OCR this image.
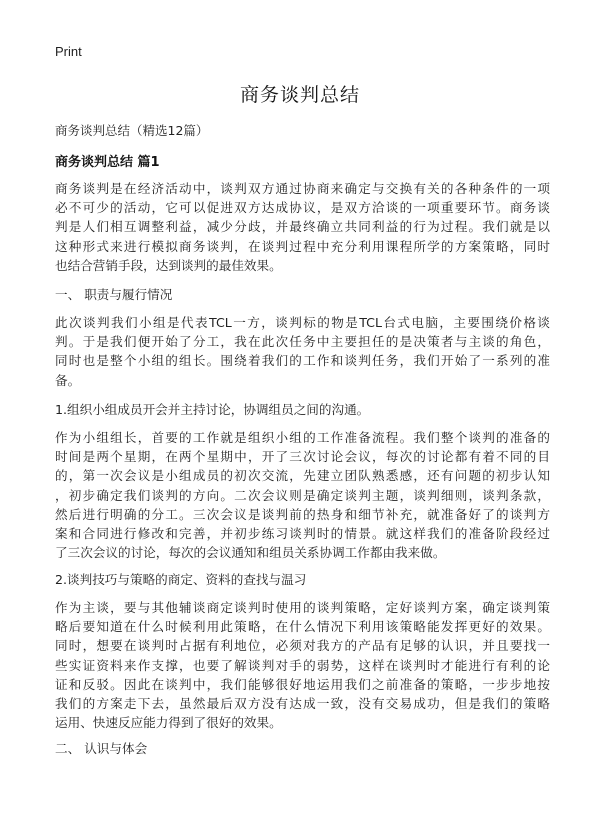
Print
商务谈判总结
商务谈判总结（精选12篇）
商务谈判总结 篇1
商务谈判是在经济活动中，谈判双方通过协商来确定与交换有关的各种条件的一项
必不可少的活动，它可以促进双方达成协议，是双方洽谈的一项重要环节。商务谈
判是人们相互调整利益，减少分歧，并最终确立共同利益的行为过程。我们就是以
这种形式来进行模拟商务谈判，在谈判过程中充分利用课程所学的方案策略，同时
也结合营销手段，达到谈判的最佳效果。
一、 职责与履行情况
此次谈判我们小组是代表TCL一方，谈判标的物是TCL台式电脑，主要围绕价格谈
判。于是我们便开始了分工，我在此次任务中主要担任的是决策者与主谈的角色，
同时也是整个小组的组长。围绕着我们的工作和谈判任务，我们开始了一系列的准
备。
1.组织小组成员开会并主持讨论，协调组员之间的沟通。
作为小组组长，首要的工作就是组织小组的工作准备流程。我们整个谈判的准备的
时间是两个星期，在两个星期中，开了三次讨论会议，每次的讨论都有着不同的目
的，第一次会议是小组成员的初次交流，先建立团队熟悉感，还有问题的初步认知
，初步确定我们谈判的方向。二次会议则是确定谈判主题，谈判细则，谈判条款，
然后进行明确的分工。三次会议是谈判前的热身和细节补充，就准备好了的谈判方
案和合同进行修改和完善，并初步练习谈判时的情景。就这样我们的准备阶段经过
了三次会议的讨论，每次的会议通知和组员关系协调工作都由我来做。
2.谈判技巧与策略的商定、资料的查找与温习
作为主谈，要与其他辅谈商定谈判时使用的谈判策略，定好谈判方案，确定谈判策
略后要知道在什么时候利用此策略，在什么情况下利用该策略能发挥更好的效果。
同时，想要在谈判时占据有利地位，必须对我方的产品有足够的认识，并且要找一
些实证资料来作支撑，也要了解谈判对手的弱势，这样在谈判时才能进行有利的论
证和反驳。因此在谈判中，我们能够很好地运用我们之前准备的策略，一步步地按
我们的方案走下去，虽然最后双方没有达成一致，没有交易成功，但是我们的策略
运用、快速反应能力得到了很好的效果。
二、 认识与体会
